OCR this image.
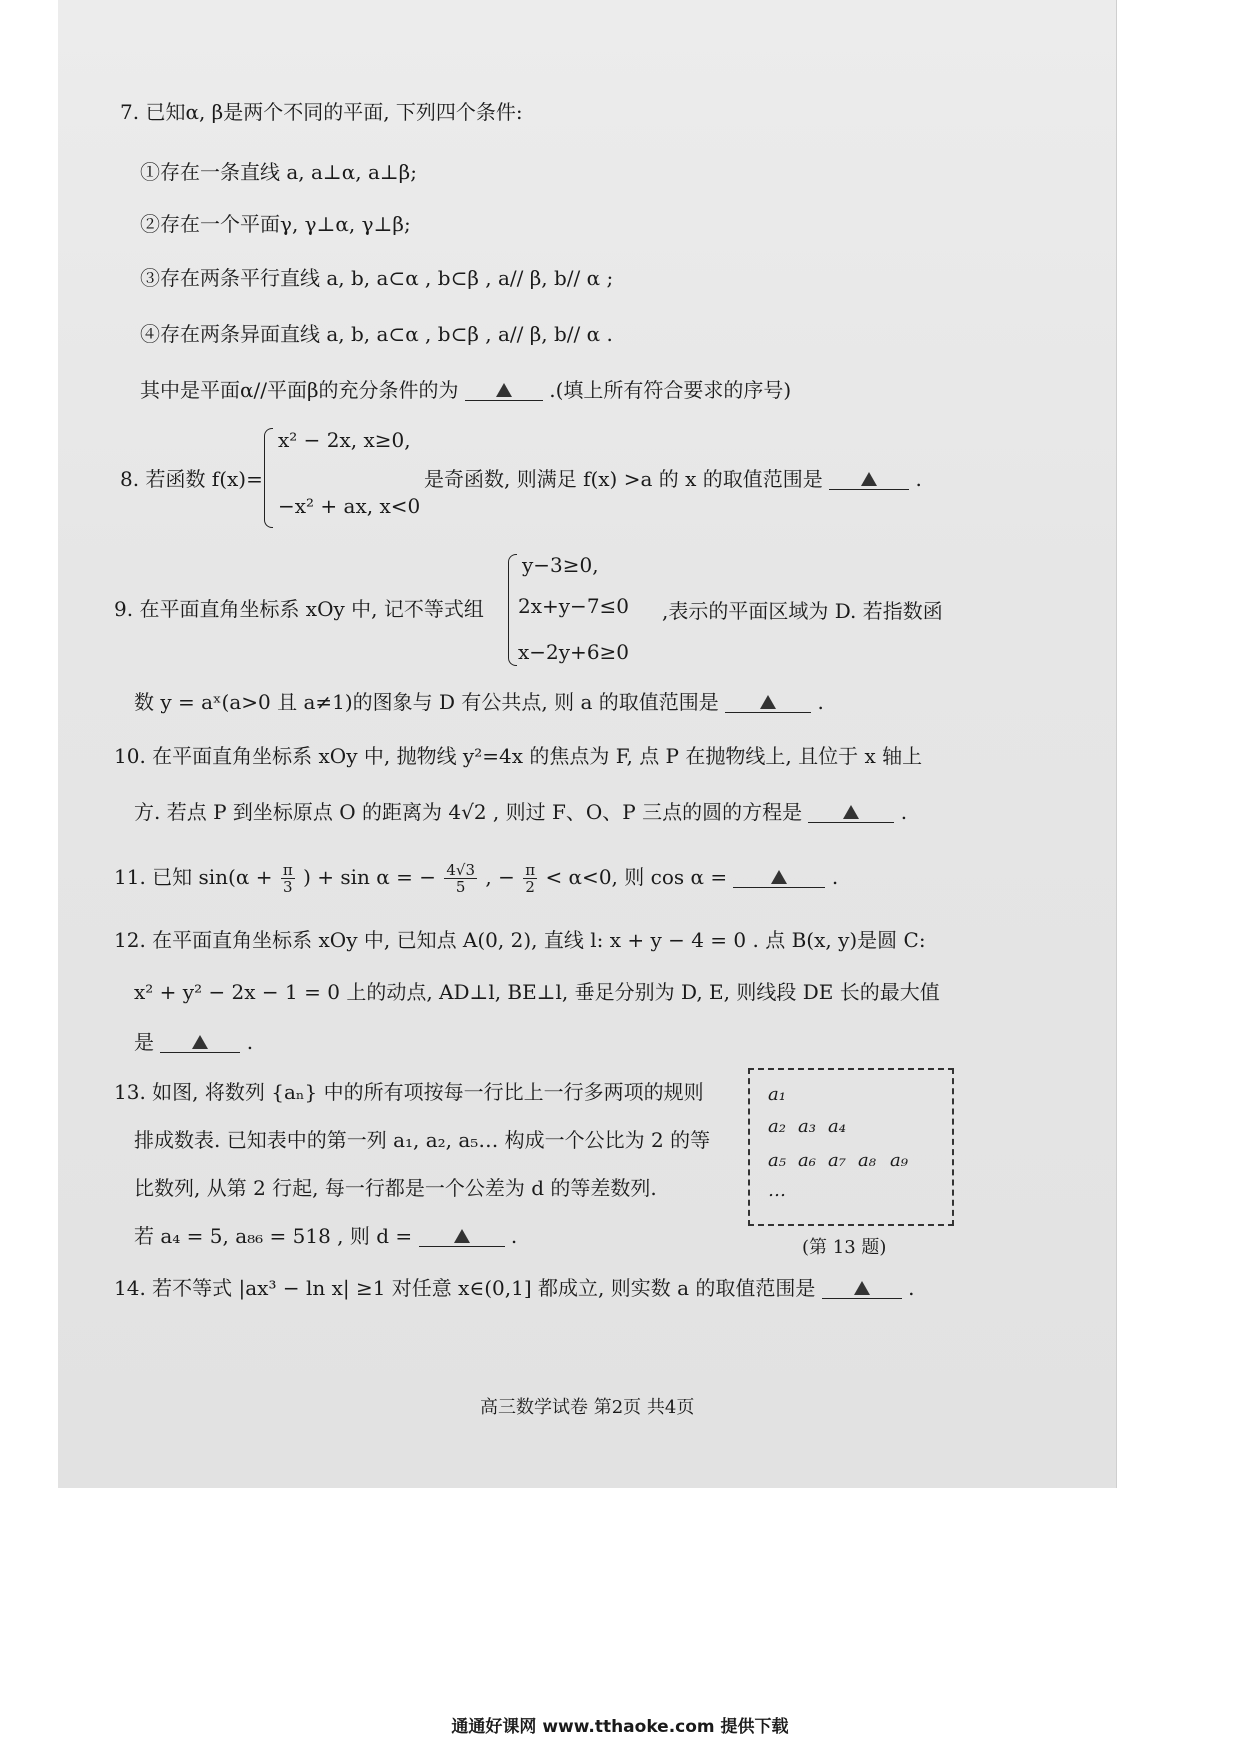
7. 已知α, β是两个不同的平面, 下列四个条件:
①存在一条直线 a, a⊥α, a⊥β;
②存在一个平面γ, γ⊥α, γ⊥β;
③存在两条平行直线 a, b, a⊂α , b⊂β , a// β, b// α ;
④存在两条异面直线 a, b, a⊂α , b⊂β , a// β, b// α .
其中是平面α//平面β的充分条件的为	.(填上所有符合要求的序号)
8. 若函数 f(x)=
x² − 2x, x≥0,
−x² + ax, x<0
是奇函数, 则满足 f(x) >a 的 x 的取值范围是	.
9. 在平面直角坐标系 xOy 中, 记不等式组
y−3≥0,
2x+y−7≤0
x−2y+6≥0
,表示的平面区域为 D. 若指数函
数 y = aˣ(a>0 且 a≠1)的图象与 D 有公共点, 则 a 的取值范围是	.
10. 在平面直角坐标系 xOy 中, 抛物线 y²=4x 的焦点为 F, 点 P 在抛物线上, 且位于 x 轴上
方. 若点 P 到坐标原点 O 的距离为 4√2 , 则过 F、O、P 三点的圆的方程是	.
11. 已知 $\sin(\alpha + \frac{\pi}{3}$ ) + sin α = − $\frac{4√3}{5}$ , − $\frac{\pi}{2} < \alpha<0$, 则 cos α =	.
12. 在平面直角坐标系 xOy 中, 已知点 A(0, 2), 直线 l: x + y − 4 = 0 . 点 B(x, y)是圆 C:
x² + y² − 2x − 1 = 0 上的动点, AD⊥l, BE⊥l, 垂足分别为 D, E, 则线段 DE 长的最大值
是	.
13. 如图, 将数列 {aₙ} 中的所有项按每一行比上一行多两项的规则
排成数表. 已知表中的第一列 a₁, a₂, a₅… 构成一个公比为 2 的等
比数列, 从第 2 行起, 每一行都是一个公差为 d 的等差数列.
若 a₄ = 5, a₈₆ = 518 , 则 d =	.
a₁
a₂ a₃ a₄
a₅ a₆ a₇ a₈ a₉
…
(第 13 题)
14. 若不等式 |ax³ − ln x| ≥1 对任意 x∈(0,1] 都成立, 则实数 a 的取值范围是	.
高三数学试卷 第2页 共4页
通通好课网 www.tthaoke.com 提供下载
